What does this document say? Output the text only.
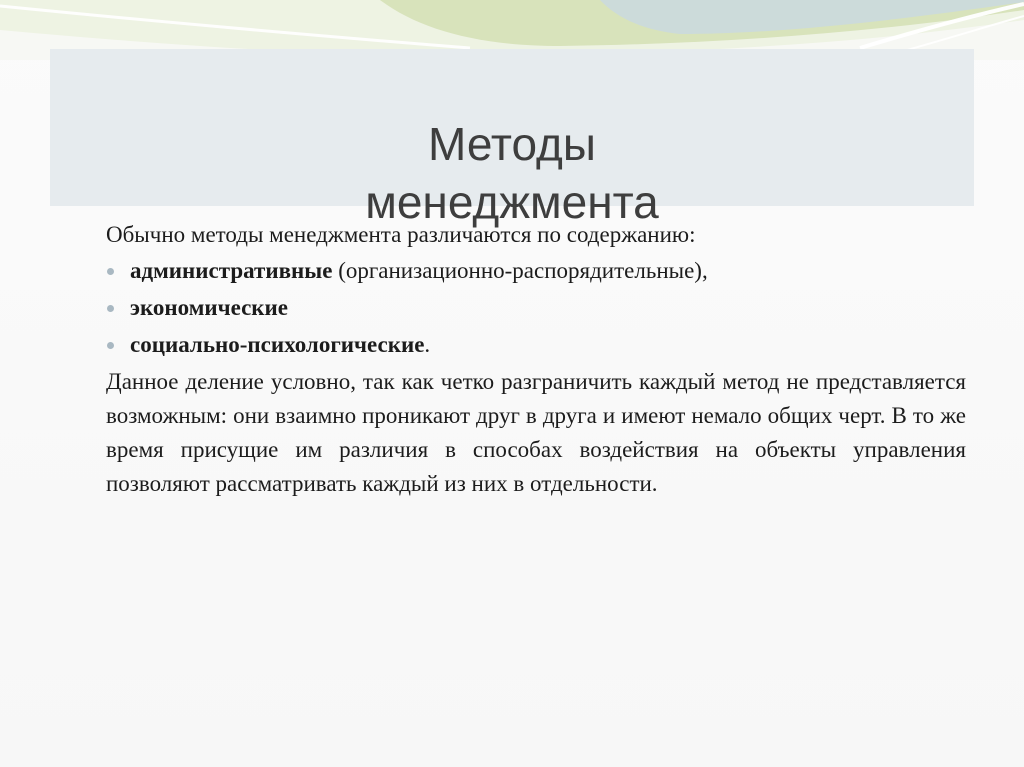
Методы
менеджмента

Обычно методы менеджмента различаются по содержанию:

административные (организационно-распорядительные),
экономические
социально-психологические.

Данное деление условно, так как четко разграничить каждый метод не представляется возможным: они взаимно проникают друг в друга и имеют немало общих черт. В то же время присущие им различия в способах воздействия на объекты управления позволяют рассматривать каждый из них в отдельности.
